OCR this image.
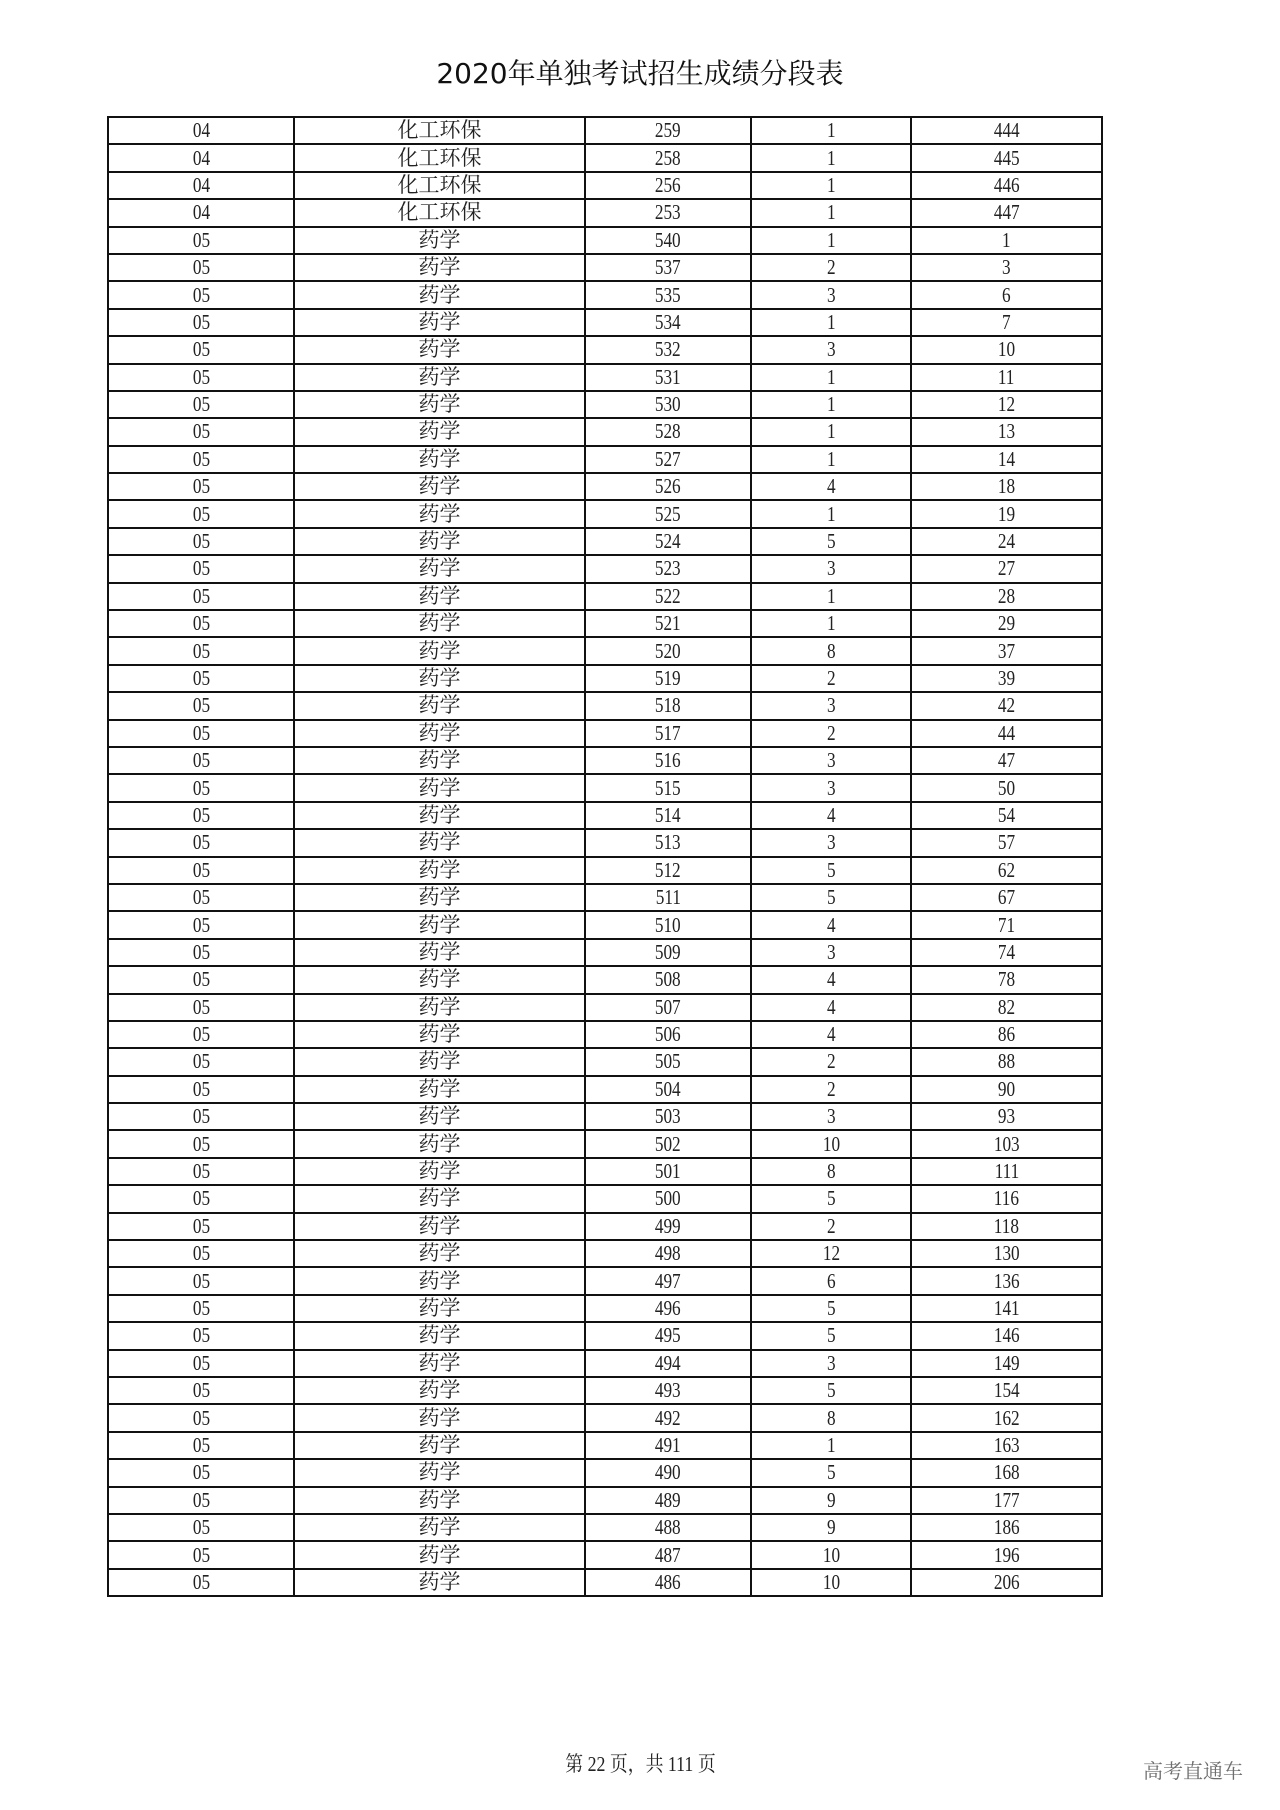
2020年单独考试招生成绩分段表
04	化工环保	259	1	444
04	化工环保	258	1	445
04	化工环保	256	1	446
04	化工环保	253	1	447
05	药学	540	1	1
05	药学	537	2	3
05	药学	535	3	6
05	药学	534	1	7
05	药学	532	3	10
05	药学	531	1	11
05	药学	530	1	12
05	药学	528	1	13
05	药学	527	1	14
05	药学	526	4	18
05	药学	525	1	19
05	药学	524	5	24
05	药学	523	3	27
05	药学	522	1	28
05	药学	521	1	29
05	药学	520	8	37
05	药学	519	2	39
05	药学	518	3	42
05	药学	517	2	44
05	药学	516	3	47
05	药学	515	3	50
05	药学	514	4	54
05	药学	513	3	57
05	药学	512	5	62
05	药学	511	5	67
05	药学	510	4	71
05	药学	509	3	74
05	药学	508	4	78
05	药学	507	4	82
05	药学	506	4	86
05	药学	505	2	88
05	药学	504	2	90
05	药学	503	3	93
05	药学	502	10	103
05	药学	501	8	111
05	药学	500	5	116
05	药学	499	2	118
05	药学	498	12	130
05	药学	497	6	136
05	药学	496	5	141
05	药学	495	5	146
05	药学	494	3	149
05	药学	493	5	154
05	药学	492	8	162
05	药学	491	1	163
05	药学	490	5	168
05	药学	489	9	177
05	药学	488	9	186
05	药学	487	10	196
05	药学	486	10	206
第 22 页，共 111 页	高考直通车
